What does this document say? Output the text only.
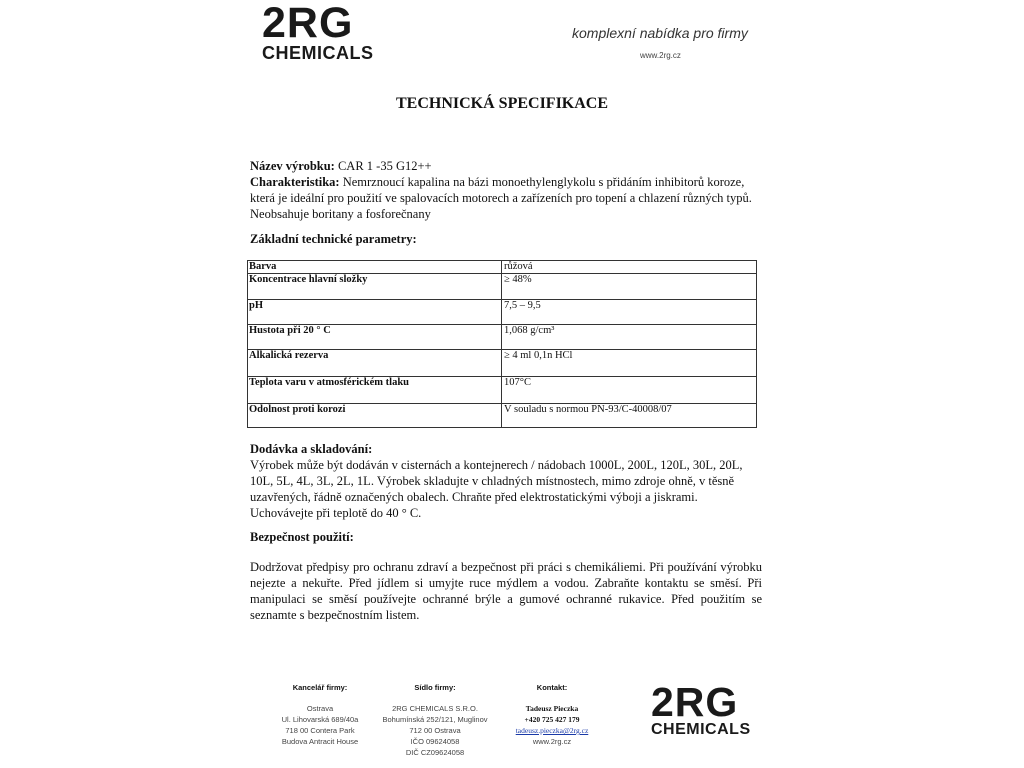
2RG
CHEMICALS
komplexní nabídka pro firmy
www.2rg.cz
TECHNICKÁ SPECIFIKACE

Název výrobku: CAR 1 -35 G12++
Charakteristika: Nemrznoucí kapalina na bázi monoethylenglykolu s přidáním inhibitorů koroze, která je ideální pro použití ve spalovacích motorech a zařízeních pro topení a chlazení různých typů. Neobsahuje boritany a fosforečnany

Základní technické parametry:
Barva	růžová
Koncentrace hlavní složky	≥ 48%
pH	7,5 – 9,5
Hustota při 20 ° C	1,068 g/cm³
Alkalická rezerva	≥ 4 ml 0,1n HCl
Teplota varu v atmosférickém tlaku	107°C
Odolnost proti korozi	V souladu s normou PN-93/C-40008/07
Dodávka a skladování:

Výrobek může být dodáván v cisternách a kontejnerech / nádobach 1000L, 200L, 120L, 30L, 20L, 10L, 5L, 4L, 3L, 2L, 1L. Výrobek skladujte v chladných místnostech, mimo zdroje ohně, v těsně uzavřených, řádně označených obalech. Chraňte před elektrostatickými výboji a jiskrami. Uchovávejte při teplotě do 40 ° C.

Bezpečnost použití:

Dodržovat předpisy pro ochranu zdraví a bezpečnost při práci s chemikáliemi. Při používání výrobku nejezte a nekuřte. Před jídlem si umyjte ruce mýdlem a vodou. Zabraňte kontaktu se směsí. Při manipulaci se směsí používejte ochranné brýle a gumové ochranné rukavice. Před použitím se seznamte s bezpečnostním listem.

Kancelář firmy:
Ostrava
Ul. Lihovarská 689/40a
718 00 Contera Park
Budova Antracit House
Sídlo firmy:
2RG CHEMICALS S.R.O.
Bohumínská 252/121, Muglinov
712 00 Ostrava
IČO 09624058
DIČ CZ09624058
Kontakt:
Tadeusz Pieczka
+420 725 427 179
tadeusz.pieczka@2rg.cz
www.2rg.cz
2RG
CHEMICALS
